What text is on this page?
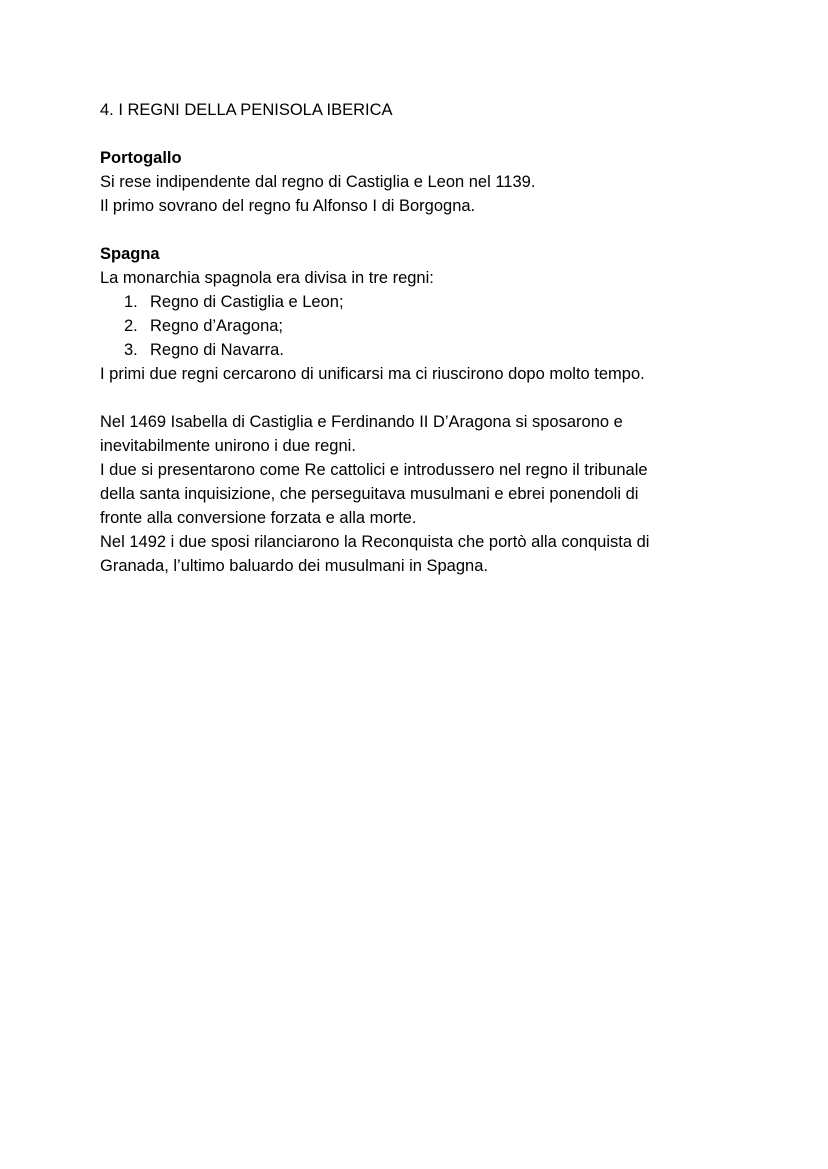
4. I REGNI DELLA PENISOLA IBERICA

Portogallo

Si rese indipendente dal regno di Castiglia e Leon nel 1139.

Il primo sovrano del regno fu Alfonso I di Borgogna.

Spagna

La monarchia spagnola era divisa in tre regni:

1. Regno di Castiglia e Leon;
2. Regno d’Aragona;
3. Regno di Navarra.

I primi due regni cercarono di unificarsi ma ci riuscirono dopo molto tempo.

Nel 1469 Isabella di Castiglia e Ferdinando II D’Aragona si sposarono e

inevitabilmente unirono i due regni.

I due si presentarono come Re cattolici e introdussero nel regno il tribunale

della santa inquisizione, che perseguitava musulmani e ebrei ponendoli di

fronte alla conversione forzata e alla morte.

Nel 1492 i due sposi rilanciarono la Reconquista che portò alla conquista di

Granada, l’ultimo baluardo dei musulmani in Spagna.
